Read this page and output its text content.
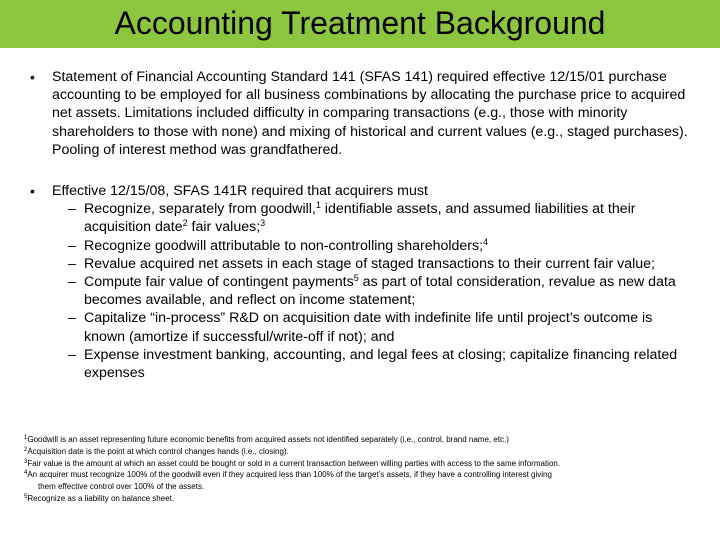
Accounting Treatment Background
• Statement of Financial Accounting Standard 141 (SFAS 141) required effective 12/15/01 purchase accounting to be employed for all business combinations by allocating the purchase price to acquired net assets. Limitations included difficulty in comparing transactions (e.g., those with minority shareholders to those with none) and mixing of historical and current values (e.g., staged purchases). Pooling of interest method was grandfathered.
• Effective 12/15/08, SFAS 141R required that acquirers must
– Recognize, separately from goodwill,$^1$ identifiable assets, and assumed liabilities at their acquisition date$^2$ fair values;$^3$
– Recognize goodwill attributable to non-controlling shareholders;$^4$
– Revalue acquired net assets in each stage of staged transactions to their current fair value;
– Compute fair value of contingent payments$^5$ as part of total consideration, revalue as new data becomes available, and reflect on income statement;
– Capitalize “in-process” R&D on acquisition date with indefinite life until project’s outcome is known (amortize if successful/write-off if not); and
– Expense investment banking, accounting, and legal fees at closing; capitalize financing related expenses
$^1$Goodwill is an asset representing future economic benefits from acquired assets not identified separately (i.e., control, brand name, etc.)
$^2$Acquisition date is the point at which control changes hands (i.e., closing).
$^3$Fair value is the amount at which an asset could be bought or sold in a current transaction between willing parties with access to the same information.
$^4$An acquirer must recognize 100% of the goodwill even if they acquired less than 100% of the target’s assets, if they have a controlling interest giving
them effective control over 100% of the assets.
$^5$Recognize as a liability on balance sheet.
